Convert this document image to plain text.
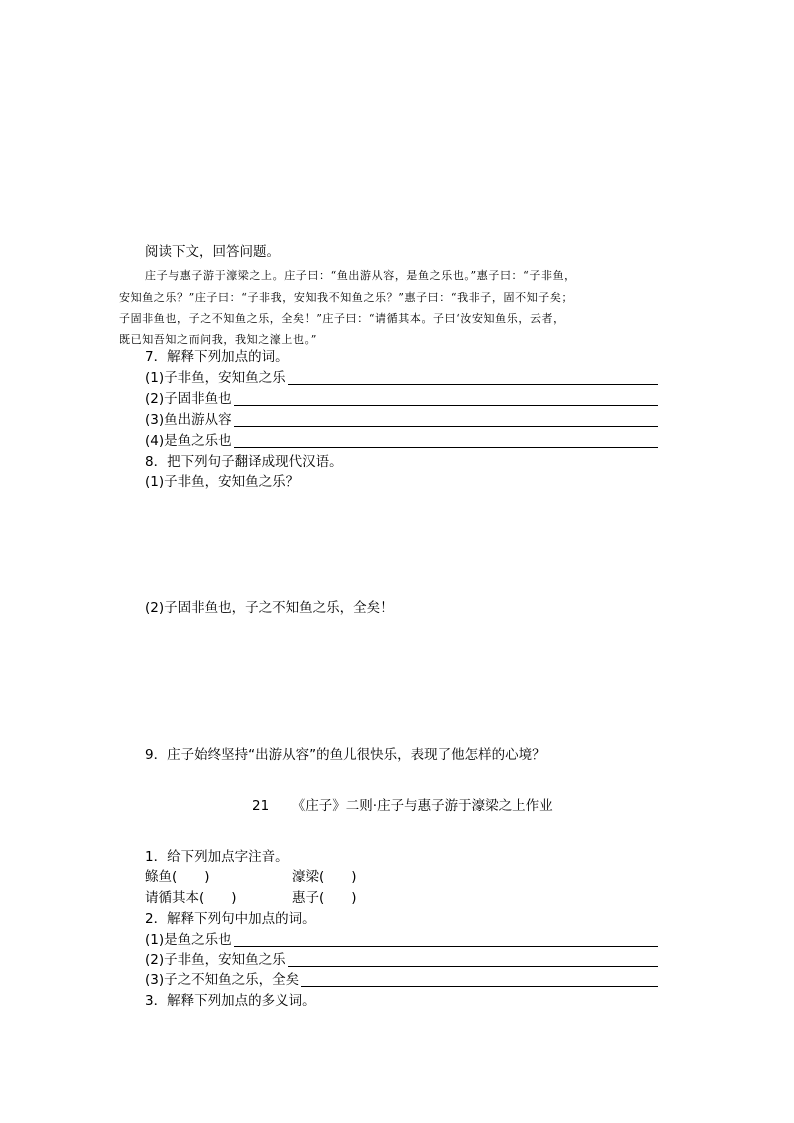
阅读下文，回答问题。
庄子与惠子游于濠梁之上。庄子曰：“鱼出游从容，是鱼之乐也。”惠子曰：“子非鱼，
安知鱼之乐？”庄子曰：“子非我，安知我不知鱼之乐？”惠子曰：“我非子，固不知子矣；
子固非鱼也，子之不知鱼之乐，全矣！”庄子曰：“请循其本。子曰‘汝安知鱼乐，云者，
既已知吾知之而问我，我知之濠上也。”
7．解释下列加点的词。
(1)子非鱼，安知鱼之乐
(2)子固非鱼也
(3)鱼出游从容
(4)是鱼之乐也
8．把下列句子翻译成现代汉语。
(1)子非鱼，安知鱼之乐？
(2)子固非鱼也，子之不知鱼之乐，全矣！
9．庄子始终坚持“出游从容”的鱼儿很快乐，表现了他怎样的心境？
21 《庄子》二则·庄子与惠子游于濠梁之上作业
1．给下列加点字注音。
鲦鱼(　　)	濠梁(　　)
请循其本(　　)	惠子(　　)
2．解释下列句中加点的词。
(1)是鱼之乐也
(2)子非鱼，安知鱼之乐
(3)子之不知鱼之乐，全矣
3．解释下列加点的多义词。
